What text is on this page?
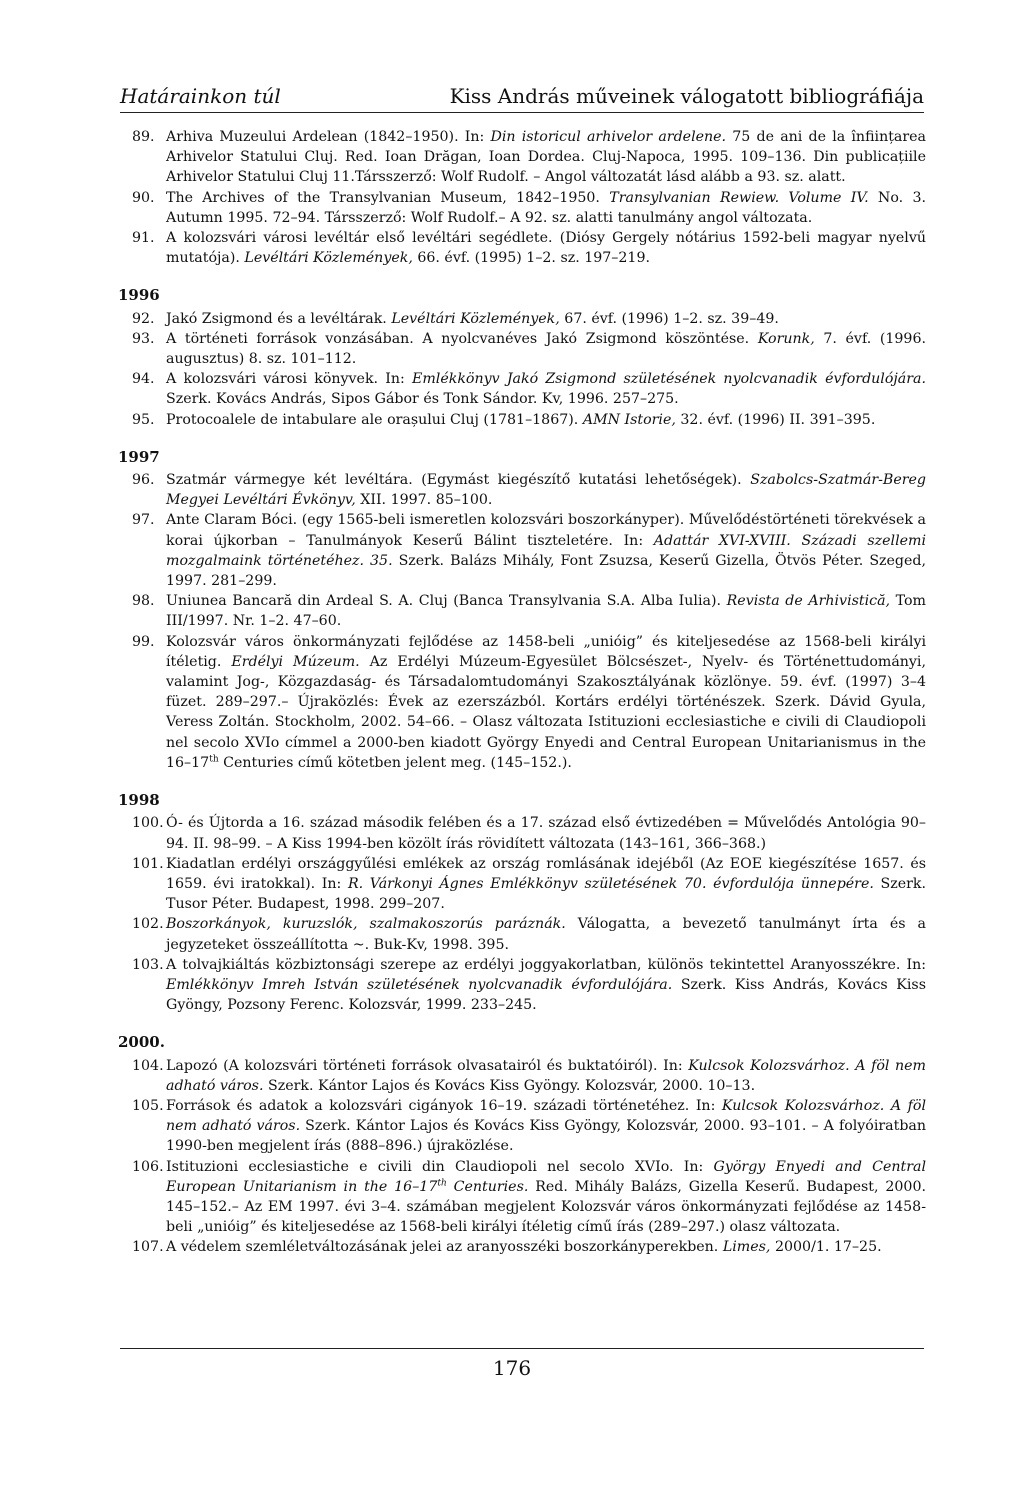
Határainkon túl	Kiss András műveinek válogatott bibliográfiája
89. Arhiva Muzeului Ardelean (1842–1950). In: Din istoricul arhivelor ardelene. 75 de ani de la înființarea Arhivelor Statului Cluj. Red. Ioan Drăgan, Ioan Dordea. Cluj-Napoca, 1995. 109–136. Din publicațiile Arhivelor Statului Cluj 11.Társszerző: Wolf Rudolf. – Angol változatát lásd alább a 93. sz. alatt.
90. The Archives of the Transylvanian Museum, 1842–1950. Transylvanian Rewiew. Volume IV. No. 3. Autumn 1995. 72–94. Társszerző: Wolf Rudolf.– A 92. sz. alatti tanulmány angol változata.
91. A kolozsvári városi levéltár első levéltári segédlete. (Diósy Gergely nótárius 1592-beli magyar nyelvű mutatója). Levéltári Közlemények, 66. évf. (1995) 1–2. sz. 197–219.
1996
92. Jakó Zsigmond és a levéltárak. Levéltári Közlemények, 67. évf. (1996) 1–2. sz. 39–49.
93. A történeti források vonzásában. A nyolcvanéves Jakó Zsigmond köszöntése. Korunk, 7. évf. (1996. augusztus) 8. sz. 101–112.
94. A kolozsvári városi könyvek. In: Emlékkönyv Jakó Zsigmond születésének nyolcvanadik évfordulójára. Szerk. Kovács András, Sipos Gábor és Tonk Sándor. Kv, 1996. 257–275.
95. Protocoalele de intabulare ale orașului Cluj (1781–1867). AMN Istorie, 32. évf. (1996) II. 391–395.
1997
96. Szatmár vármegye két levéltára. (Egymást kiegészítő kutatási lehetőségek). Szabolcs-Szatmár-Bereg Megyei Levéltári Évkönyv, XII. 1997. 85–100.
97. Ante Claram Bóci. (egy 1565-beli ismeretlen kolozsvári boszorkányper). Művelődéstörténeti törekvések a korai újkorban – Tanulmányok Keserű Bálint tiszteletére. In: Adattár XVI-XVIII. Századi szellemi mozgalmaink történetéhez. 35. Szerk. Balázs Mihály, Font Zsuzsa, Keserű Gizella, Ötvös Péter. Szeged, 1997. 281–299.
98. Uniunea Bancară din Ardeal S. A. Cluj (Banca Transylvania S.A. Alba Iulia). Revista de Arhivistică, Tom III/1997. Nr. 1–2. 47–60.
99. Kolozsvár város önkormányzati fejlődése az 1458-beli „unióig” és kiteljesedése az 1568-beli királyi ítéletig. Erdélyi Múzeum. Az Erdélyi Múzeum-Egyesület Bölcsészet-, Nyelv- és Történettudományi, valamint Jog-, Közgazdaság- és Társadalomtudományi Szakosztályának közlönye. 59. évf. (1997) 3–4 füzet. 289–297.– Újraközlés: Évek az ezerszázból. Kortárs erdélyi történészek. Szerk. Dávid Gyula, Veress Zoltán. Stockholm, 2002. 54–66. – Olasz változata Istituzioni ecclesiastiche e civili di Claudiopoli nel secolo XVIo címmel a 2000-ben kiadott György Enyedi and Central European Unitarianismus in the 16–17th Centuries című kötetben jelent meg. (145–152.).
1998
100. Ó- és Újtorda a 16. század második felében és a 17. század első évtizedében = Művelődés Antológia 90–94. II. 98–99. – A Kiss 1994-ben közölt írás rövidített változata (143–161, 366–368.)
101. Kiadatlan erdélyi országgyűlési emlékek az ország romlásának idejéből (Az EOE kiegészítése 1657. és 1659. évi iratokkal). In: R. Várkonyi Ágnes Emlékkönyv születésének 70. évfordulója ünnepére. Szerk. Tusor Péter. Budapest, 1998. 299–207.
102. Boszorkányok, kuruzslók, szalmakoszorús paráznák. Válogatta, a bevezető tanulmányt írta és a jegyzeteket összeállította ~. Buk-Kv, 1998. 395.
103. A tolvajkiáltás közbiztonsági szerepe az erdélyi joggyakorlatban, különös tekintettel Aranyosszékre. In: Emlékkönyv Imreh István születésének nyolcvanadik évfordulójára. Szerk. Kiss András, Kovács Kiss Gyöngy, Pozsony Ferenc. Kolozsvár, 1999. 233–245.
2000.
104. Lapozó (A kolozsvári történeti források olvasatairól és buktatóiról). In: Kulcsok Kolozsvárhoz. A föl nem adható város. Szerk. Kántor Lajos és Kovács Kiss Gyöngy. Kolozsvár, 2000. 10–13.
105. Források és adatok a kolozsvári cigányok 16–19. századi történetéhez. In: Kulcsok Kolozsvárhoz. A föl nem adható város. Szerk. Kántor Lajos és Kovács Kiss Gyöngy, Kolozsvár, 2000. 93–101. – A folyóiratban 1990-ben megjelent írás (888–896.) újraközlése.
106. Istituzioni ecclesiastiche e civili din Claudiopoli nel secolo XVIo. In: György Enyedi and Central European Unitarianism in the 16–17th Centuries. Red. Mihály Balázs, Gizella Keserű. Budapest, 2000. 145–152.– Az EM 1997. évi 3–4. számában megjelent Kolozsvár város önkormányzati fejlődése az 1458-beli „unióig” és kiteljesedése az 1568-beli királyi ítéletig című írás (289–297.) olasz változata.
107. A védelem szemléletváltozásának jelei az aranyosszéki boszorkányperekben. Limes, 2000/1. 17–25.
176
